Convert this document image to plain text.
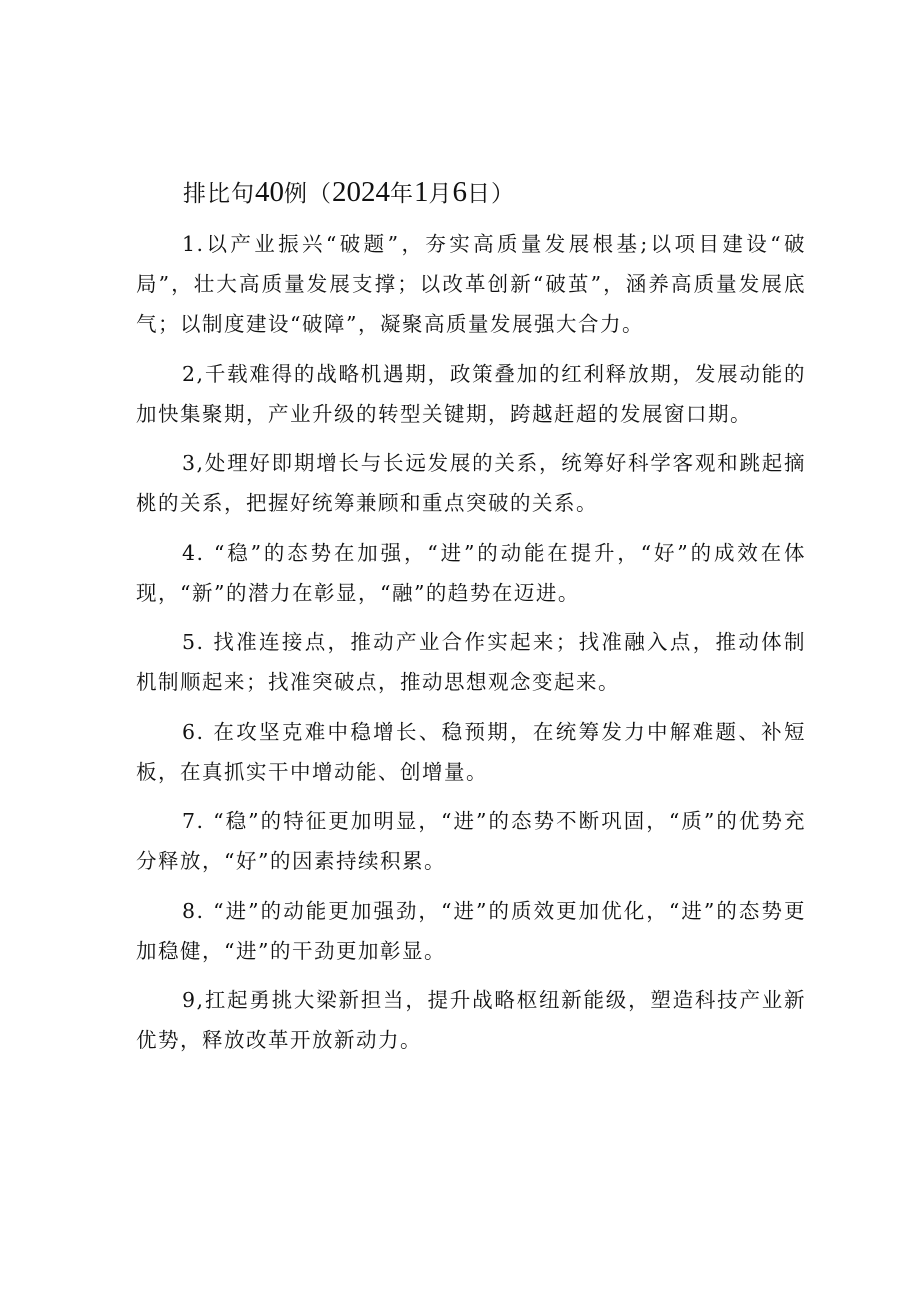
排比句40例（2024年1月6日）

1.以产业振兴“破题”，夯实高质量发展根基;以项目建设“破局”，壮大高质量发展支撑；以改革创新“破茧”，涵养高质量发展底气；以制度建设“破障”，凝聚高质量发展强大合力。

2,千载难得的战略机遇期，政策叠加的红利释放期，发展动能的加快集聚期，产业升级的转型关键期，跨越赶超的发展窗口期。

3,处理好即期增长与长远发展的关系，统筹好科学客观和跳起摘桃的关系，把握好统筹兼顾和重点突破的关系。

4. “稳”的态势在加强，“进”的动能在提升，“好”的成效在体现，“新”的潜力在彰显，“融”的趋势在迈进。

5. 找准连接点，推动产业合作实起来；找准融入点，推动体制机制顺起来；找准突破点，推动思想观念变起来。

6. 在攻坚克难中稳增长、稳预期，在统筹发力中解难题、补短板，在真抓实干中增动能、创增量。

7. “稳”的特征更加明显，“进”的态势不断巩固，“质”的优势充分释放，“好”的因素持续积累。

8. “进”的动能更加强劲，“进”的质效更加优化，“进”的态势更加稳健，“进”的干劲更加彰显。

9,扛起勇挑大梁新担当，提升战略枢纽新能级，塑造科技产业新优势，释放改革开放新动力。
